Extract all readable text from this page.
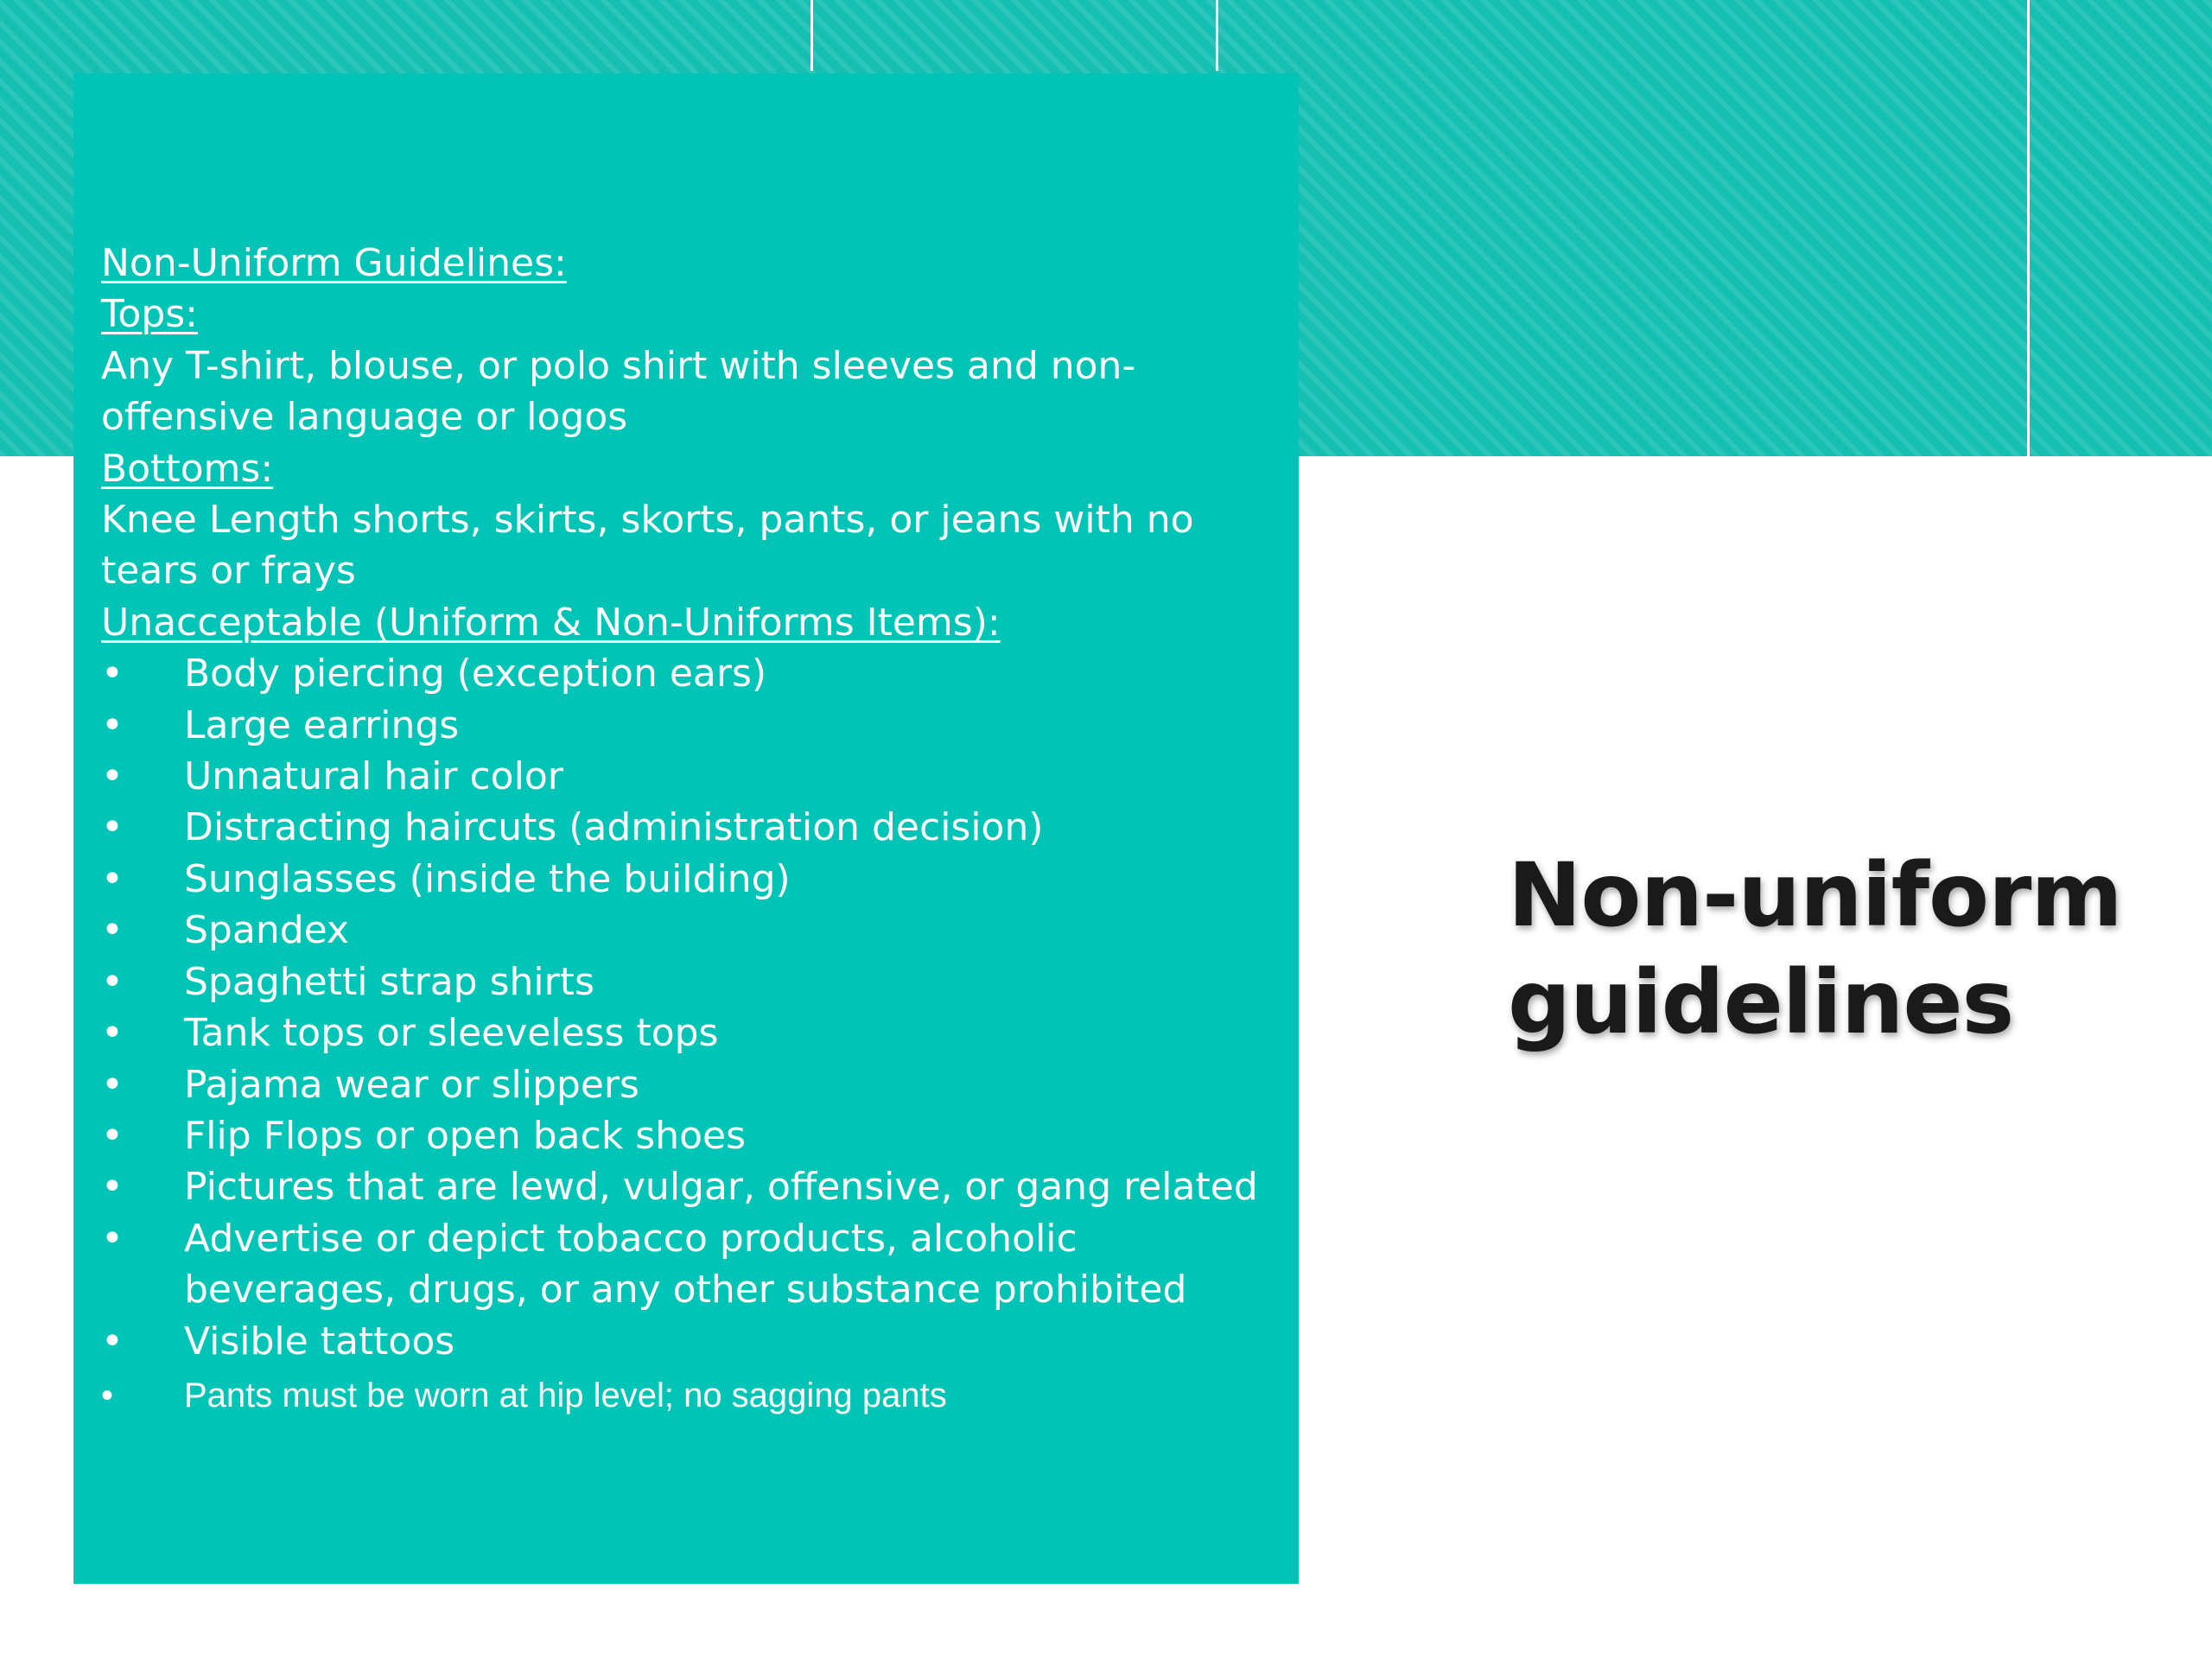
Non-Uniform Guidelines:
Tops:
Any T-shirt, blouse, or polo shirt with sleeves and non-offensive language or logos
Bottoms:
Knee Length shorts, skirts, skorts, pants, or jeans with no tears or frays
Unacceptable (Uniform & Non-Uniforms Items):
•	Body piercing (exception ears)
•	Large earrings
•	Unnatural hair color
•	Distracting haircuts (administration decision)
•	Sunglasses (inside the building)
•	Spandex
•	Spaghetti strap shirts
•	Tank tops or sleeveless tops
•	Pajama wear or slippers
•	Flip Flops or open back shoes
•	Pictures that are lewd, vulgar, offensive, or gang related
•	Advertise or depict tobacco products, alcoholic beverages, drugs, or any other substance prohibited
•	Visible tattoos
•	Pants must be worn at hip level; no sagging pants
Non-uniform guidelines
